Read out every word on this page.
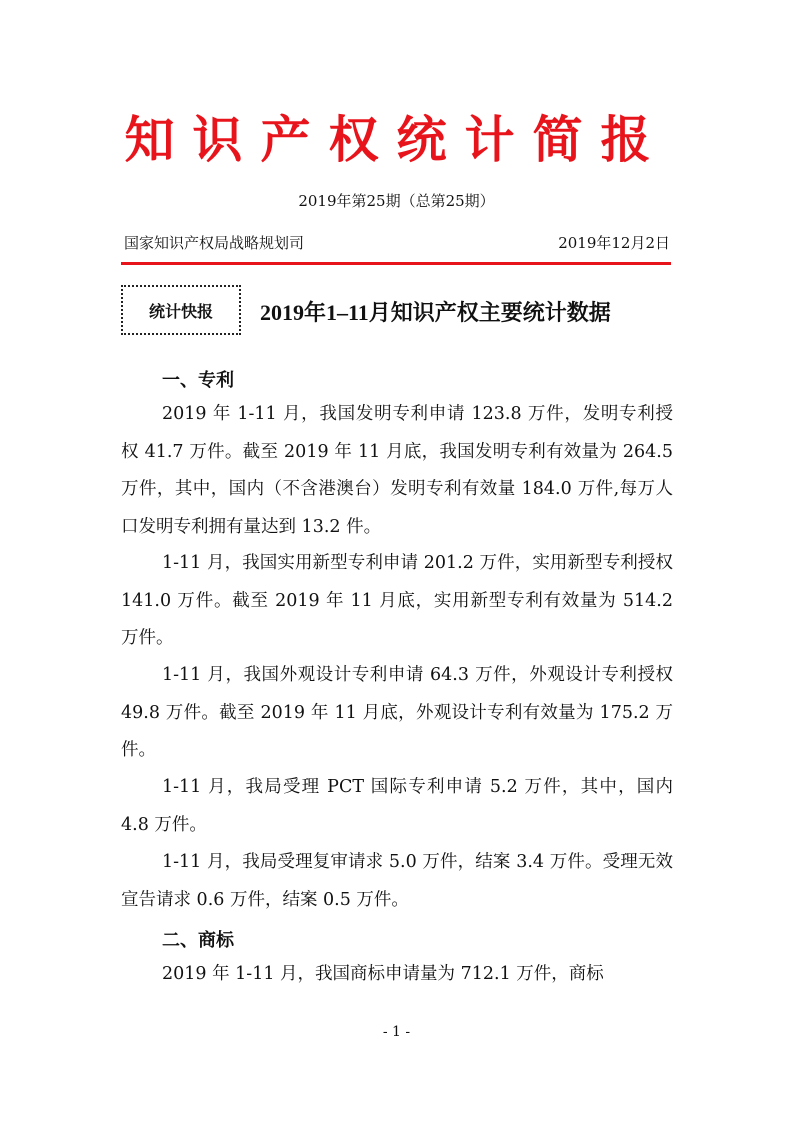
知识产权统计简报
2019年第25期（总第25期）
国家知识产权局战略规划司	2019年12月2日
统计快报	2019年1–11月知识产权主要统计数据
一、专利
2019 年 1-11 月，我国发明专利申请 123.8 万件，发明专利授权 41.7 万件。截至 2019 年 11 月底，我国发明专利有效量为 264.5 万件，其中，国内（不含港澳台）发明专利有效量 184.0 万件,每万人口发明专利拥有量达到 13.2 件。
1-11 月，我国实用新型专利申请 201.2 万件，实用新型专利授权 141.0 万件。截至 2019 年 11 月底，实用新型专利有效量为 514.2 万件。
1-11 月，我国外观设计专利申请 64.3 万件，外观设计专利授权 49.8 万件。截至 2019 年 11 月底，外观设计专利有效量为 175.2 万件。
1-11 月，我局受理 PCT 国际专利申请 5.2 万件，其中，国内 4.8 万件。
1-11 月，我局受理复审请求 5.0 万件，结案 3.4 万件。受理无效宣告请求 0.6 万件，结案 0.5 万件。
二、商标
2019 年 1-11 月，我国商标申请量为 712.1 万件，商标
- 1 -
